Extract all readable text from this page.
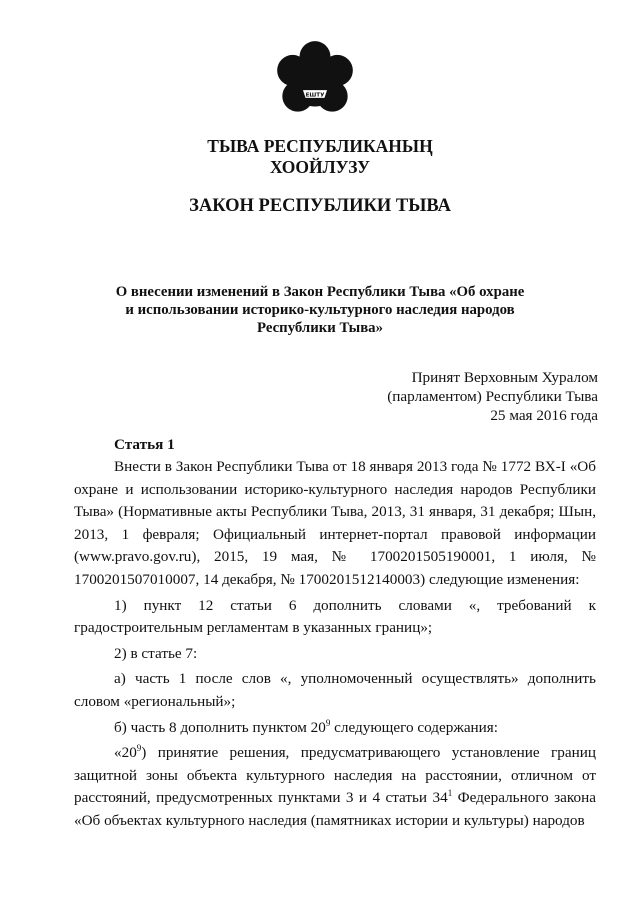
ЕШТУ
ТЫВА РЕСПУБЛИКАНЫҢ
ХООЙЛУЗУ
ЗАКОН РЕСПУБЛИКИ ТЫВА
О внесении изменений в Закон Республики Тыва «Об охране
и использовании историко-культурного наследия народов
Республики Тыва»
Принят Верховным Хуралом
(парламентом) Республики Тыва
25 мая 2016 года
Статья 1

Внести в Закон Республики Тыва от 18 января 2013 года № 1772 ВХ-I «Об охране и использовании историко-культурного наследия народов Республики Тыва» (Нормативные акты Республики Тыва, 2013, 31 января, 31 декабря; Шын, 2013, 1 февраля; Официальный интернет-портал правовой информации (www.pravo.gov.ru), 2015, 19 мая, № 1700201505190001, 1 июля, № 1700201507010007, 14 декабря, № 1700201512140003) следующие изменения:

1) пункт 12 статьи 6 дополнить словами «, требований к градостроительным регламентам в указанных границ»;

2) в статье 7:

а) часть 1 после слов «, уполномоченный осуществлять» дополнить словом «региональный»;

б) часть 8 дополнить пунктом $20^9$ следующего содержания:

«$20^9$) принятие решения, предусматривающего установление границ защитной зоны объекта культурного наследия на расстоянии, отличном от расстояний, предусмотренных пунктами 3 и 4 статьи $34^1$ Федерального закона «Об объектах культурного наследия (памятниках истории и культуры) народов
